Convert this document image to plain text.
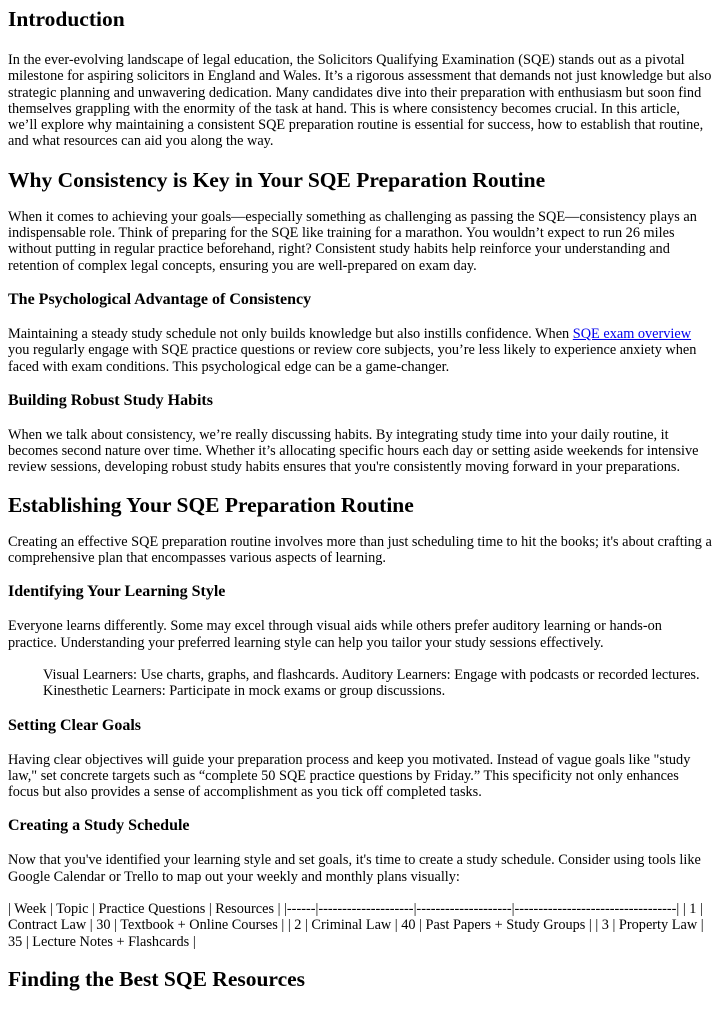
Introduction

In the ever-evolving landscape of legal education, the Solicitors Qualifying Examination (SQE) stands out as a pivotal milestone for aspiring solicitors in England and Wales. It’s a rigorous assessment that demands not just knowledge but also strategic planning and unwavering dedication. Many candidates dive into their preparation with enthusiasm but soon find themselves grappling with the enormity of the task at hand. This is where consistency becomes crucial. In this article, we’ll explore why maintaining a consistent SQE preparation routine is essential for success, how to establish that routine, and what resources can aid you along the way.

Why Consistency is Key in Your SQE Preparation Routine

When it comes to achieving your goals—especially something as challenging as passing the SQE—consistency plays an indispensable role. Think of preparing for the SQE like training for a marathon. You wouldn’t expect to run 26 miles without putting in regular practice beforehand, right? Consistent study habits help reinforce your understanding and retention of complex legal concepts, ensuring you are well-prepared on exam day.

The Psychological Advantage of Consistency

Maintaining a steady study schedule not only builds knowledge but also instills confidence. When SQE exam overview you regularly engage with SQE practice questions or review core subjects, you’re less likely to experience anxiety when faced with exam conditions. This psychological edge can be a game-changer.

Building Robust Study Habits

When we talk about consistency, we’re really discussing habits. By integrating study time into your daily routine, it becomes second nature over time. Whether it’s allocating specific hours each day or setting aside weekends for intensive review sessions, developing robust study habits ensures that you're consistently moving forward in your preparations.

Establishing Your SQE Preparation Routine

Creating an effective SQE preparation routine involves more than just scheduling time to hit the books; it's about crafting a comprehensive plan that encompasses various aspects of learning.

Identifying Your Learning Style

Everyone learns differently. Some may excel through visual aids while others prefer auditory learning or hands-on practice. Understanding your preferred learning style can help you tailor your study sessions effectively.

Visual Learners: Use charts, graphs, and flashcards. Auditory Learners: Engage with podcasts or recorded lectures. Kinesthetic Learners: Participate in mock exams or group discussions.

Setting Clear Goals

Having clear objectives will guide your preparation process and keep you motivated. Instead of vague goals like "study law," set concrete targets such as “complete 50 SQE practice questions by Friday.” This specificity not only enhances focus but also provides a sense of accomplishment as you tick off completed tasks.

Creating a Study Schedule

Now that you've identified your learning style and set goals, it's time to create a study schedule. Consider using tools like Google Calendar or Trello to map out your weekly and monthly plans visually:

| Week | Topic | Practice Questions | Resources | |------|--------------------|--------------------|----------------------------------| | 1 | Contract Law | 30 | Textbook + Online Courses | | 2 | Criminal Law | 40 | Past Papers + Study Groups | | 3 | Property Law | 35 | Lecture Notes + Flashcards |

Finding the Best SQE Resources
